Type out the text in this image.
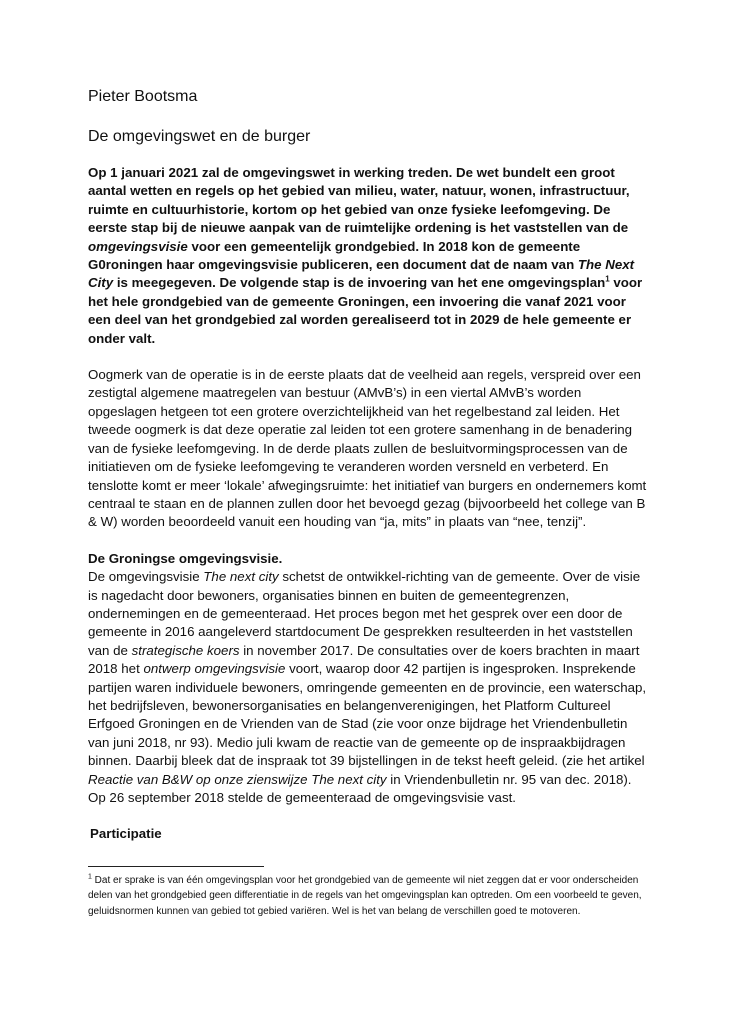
Pieter Bootsma

De omgevingswet en de burger

Op 1 januari 2021 zal de omgevingswet in werking treden. De wet bundelt een groot aantal wetten en regels op het gebied van milieu, water, natuur, wonen, infrastructuur, ruimte en cultuurhistorie, kortom op het gebied van onze fysieke leefomgeving. De eerste stap bij de nieuwe aanpak van de ruimtelijke ordening is het vaststellen van de omgevingsvisie voor een gemeentelijk grondgebied. In 2018 kon de gemeente G0roningen haar omgevingsvisie publiceren, een document dat de naam van The Next City is meegegeven. De volgende stap is de invoering van het ene omgevingsplan$^1$ voor het hele grondgebied van de gemeente Groningen, een invoering die vanaf 2021 voor een deel van het grondgebied zal worden gerealiseerd tot in 2029 de hele gemeente er onder valt.

Oogmerk van de operatie is in de eerste plaats dat de veelheid aan regels, verspreid over een zestigtal algemene maatregelen van bestuur (AMvB’s) in een viertal AMvB’s worden opgeslagen hetgeen tot een grotere overzichtelijkheid van het regelbestand zal leiden. Het tweede oogmerk is dat deze operatie zal leiden tot een grotere samenhang in de benadering van de fysieke leefomgeving. In de derde plaats zullen de besluitvormingsprocessen van de initiatieven om de fysieke leefomgeving te veranderen worden versneld en verbeterd. En tenslotte komt er meer ‘lokale’ afwegingsruimte: het initiatief van burgers en ondernemers komt centraal te staan en de plannen zullen door het bevoegd gezag (bijvoorbeeld het college van B & W) worden beoordeeld vanuit een houding van “ja, mits” in plaats van “nee, tenzij”.

De Groningse omgevingsvisie.

De omgevingsvisie The next city schetst de ontwikkel-richting van de gemeente. Over de visie is nagedacht door bewoners, organisaties binnen en buiten de gemeentegrenzen, ondernemingen en de gemeenteraad. Het proces begon met het gesprek over een door de gemeente in 2016 aangeleverd startdocument De gesprekken resulteerden in het vaststellen van de strategische koers in november 2017. De consultaties over de koers brachten in maart 2018 het ontwerp omgevingsvisie voort, waarop door 42 partijen is ingesproken. Insprekende partijen waren individuele bewoners, omringende gemeenten en de provincie, een waterschap, het bedrijfsleven, bewonersorganisaties en belangenverenigingen, het Platform Cultureel Erfgoed Groningen en de Vrienden van de Stad (zie voor onze bijdrage het Vriendenbulletin van juni 2018, nr 93). Medio juli kwam de reactie van de gemeente op de inspraakbijdragen binnen. Daarbij bleek dat de inspraak tot 39 bijstellingen in de tekst heeft geleid. (zie het artikel Reactie van B&W op onze zienswijze The next city in Vriendenbulletin nr. 95 van dec. 2018). Op 26 september 2018 stelde de gemeenteraad de omgevingsvisie vast.

Participatie

$^1$ Dat er sprake is van één omgevingsplan voor het grondgebied van de gemeente wil niet zeggen dat er voor onderscheiden delen van het grondgebied geen differentiatie in de regels van het omgevingsplan kan optreden. Om een voorbeeld te geven, geluidsnormen kunnen van gebied tot gebied variëren. Wel is het van belang de verschillen goed te motoveren.
